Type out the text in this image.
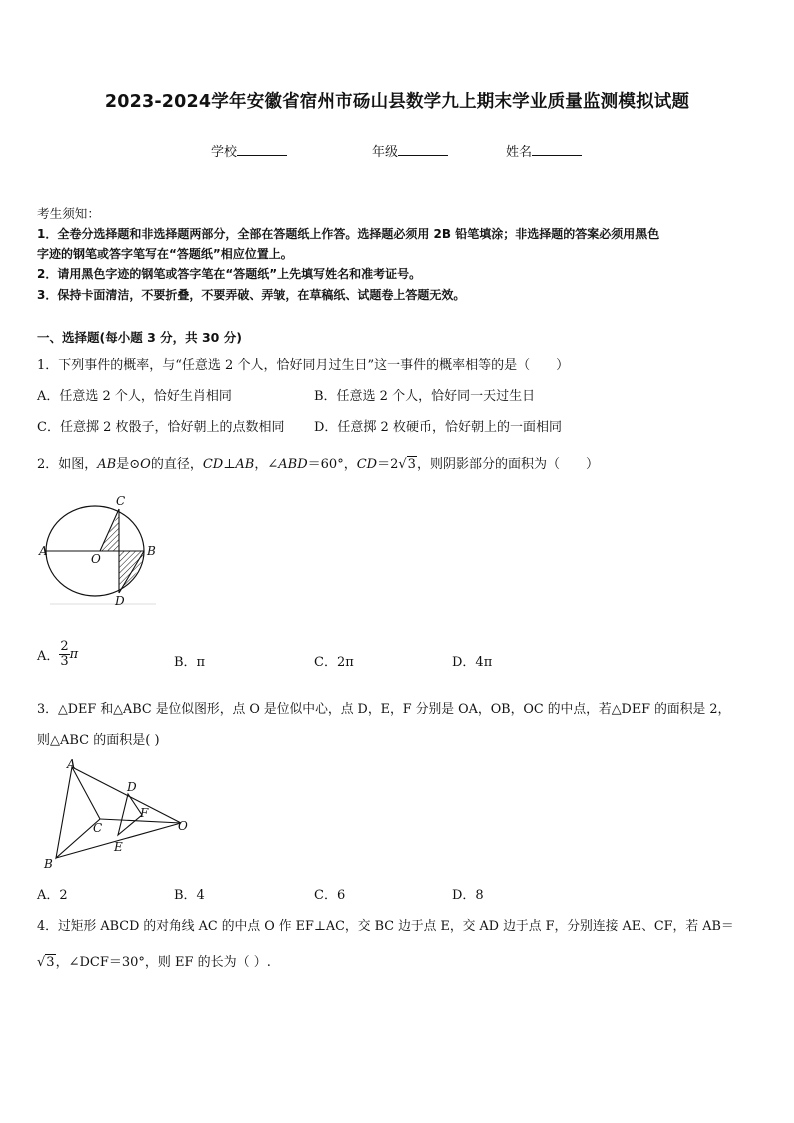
2023-2024学年安徽省宿州市砀山县数学九上期末学业质量监测模拟试题
学校	年级	姓名
考生须知：
1．全卷分选择题和非选择题两部分，全部在答题纸上作答。选择题必须用 2B 铅笔填涂；非选择题的答案必须用黑色
字迹的钢笔或答字笔写在“答题纸”相应位置上。
2．请用黑色字迹的钢笔或答字笔在“答题纸”上先填写姓名和准考证号。
3．保持卡面清洁，不要折叠，不要弄破、弄皱，在草稿纸、试题卷上答题无效。
一、选择题(每小题 3 分，共 30 分)
1．下列事件的概率，与“任意选 2 个人，恰好同月过生日”这一事件的概率相等的是（　　）
A．任意选 2 个人，恰好生肖相同	B．任意选 2 个人，恰好同一天过生日
C．任意掷 2 枚骰子，恰好朝上的点数相同 D．任意掷 2 枚硬币，恰好朝上的一面相同
2．如图，AB是⊙O的直径，CD⊥AB，∠ABD＝60°，CD＝2√3，则阴影部分的面积为（　　）
C
A
O
B
D
A． $\frac{2}{3}$ π
B．π	C．2π	D．4π
3．△DEF 和△ABC 是位似图形，点 O 是位似中心，点 D，E，F 分别是 OA，OB，OC 的中点，若△DEF 的面积是 2，
则△ABC 的面积是( )
A
B
C
D
E
F
O
A．2	B．4	C．6	D．8
4．过矩形 ABCD 的对角线 AC 的中点 O 作 EF⊥AC，交 BC 边于点 E，交 AD 边于点 F，分别连接 AE、CF，若 AB＝
√3，∠DCF＝30°，则 EF 的长为（ ）.
